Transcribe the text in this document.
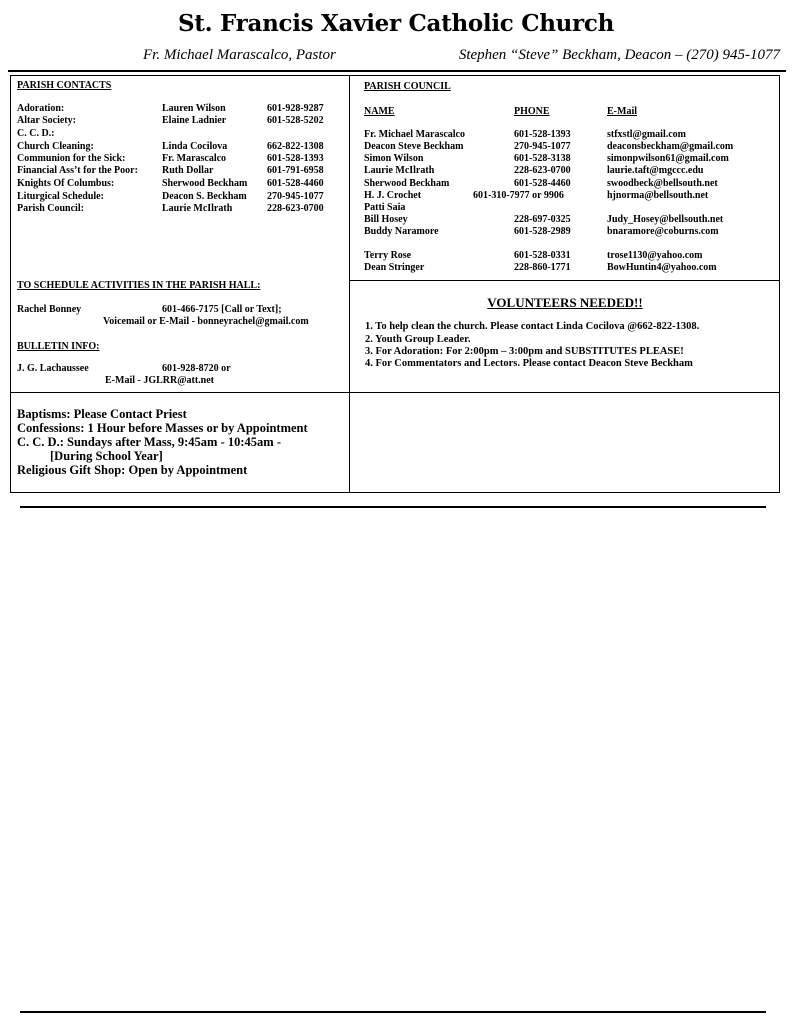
St. Francis Xavier Catholic Church
Fr. Michael Marascalco, Pastor	Stephen “Steve” Beckham, Deacon – (270) 945-1077
PARISH CONTACTS
Adoration:	Lauren Wilson	601-928-9287
Altar Society:	Elaine Ladnier	601-528-5202
C. C. D.:
Church Cleaning:	Linda Cocilova	662-822-1308
Communion for the Sick:	Fr. Marascalco	601-528-1393
Financial Ass’t for the Poor: Ruth Dollar	601-791-6958
Knights Of Columbus:	Sherwood Beckham 601-528-4460
Liturgical Schedule:	Deacon S. Beckham 270-945-1077
Parish Council:	Laurie McIlrath	228-623-0700
TO SCHEDULE ACTIVITIES IN THE PARISH HALL:
Rachel Bonney	601-466-7175 [Call or Text];
Voicemail or E-Mail - bonneyrachel@gmail.com
BULLETIN INFO:
J. G. Lachaussee	601-928-8720 or
E-Mail - JGLRR@att.net
PARISH COUNCIL
NAME	PHONE	E-Mail
Fr. Michael Marascalco	601-528-1393	stfxstl@gmail.com
Deacon Steve Beckham	270-945-1077	deaconsbeckham@gmail.com
Simon Wilson	601-528-3138	simonpwilson61@gmail.com
Laurie McIlrath	228-623-0700	laurie.taft@mgccc.edu
Sherwood Beckham	601-528-4460	swoodbeck@bellsouth.net
H. J. Crochet	601-310-7977 or 9906	hjnorma@bellsouth.net
Patti Saia
Bill Hosey	228-697-0325	Judy_Hosey@bellsouth.net
Buddy Naramore	601-528-2989	bnaramore@coburns.com
Terry Rose	601-528-0331	trose1130@yahoo.com
Dean Stringer	228-860-1771	BowHuntin4@yahoo.com
VOLUNTEERS NEEDED!!
1. To help clean the church. Please contact Linda Cocilova @662-822-1308.
2. Youth Group Leader.
3. For Adoration: For 2:00pm – 3:00pm and SUBSTITUTES PLEASE!
4. For Commentators and Lectors. Please contact Deacon Steve Beckham
Baptisms: Please Contact Priest
Confessions: 1 Hour before Masses or by Appointment
C. C. D.: Sundays after Mass, 9:45am - 10:45am -
[During School Year]
Religious Gift Shop: Open by Appointment
